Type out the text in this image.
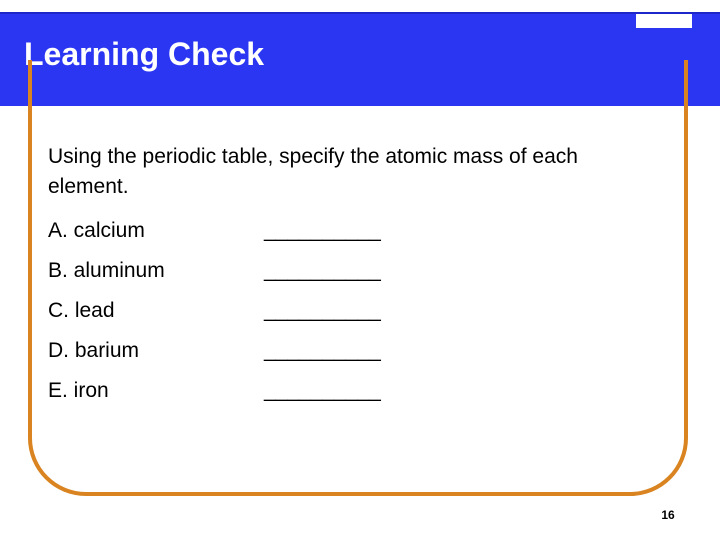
Learning Check
Using the periodic table, specify the atomic mass of each element.
A. calcium	__________
B. aluminum	__________
C. lead	__________
D. barium	__________
E. iron	__________
16
